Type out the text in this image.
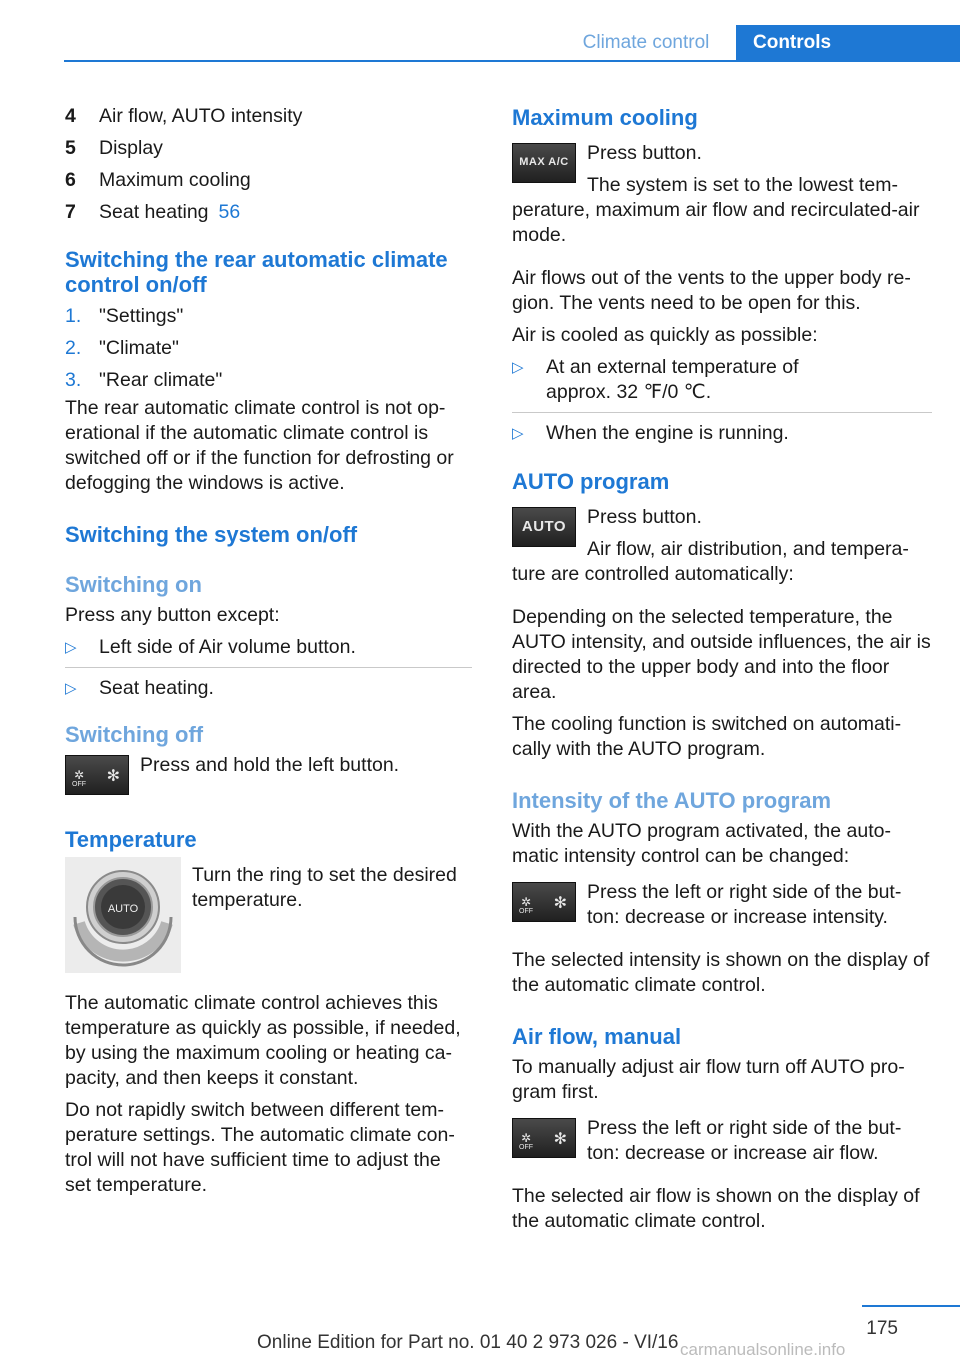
Climate control	Controls
4	Air flow, AUTO intensity
5	Display
6	Maximum cooling
7	Seat heating 56
Switching the rear automatic climate control on/off
1. "Settings"
2. "Climate"
3. "Rear climate"

The rear automatic climate control is not op‐ erational if the automatic climate control is switched off or if the function for defrosting or defogging the windows is active.

Switching the system on/off
Switching on

Press any button except:

▷	Left side of Air volume button.
▷	Seat heating.
Switching off
✲ ✻
OFF

Press and hold the left button.

Temperature
AUTO

Turn the ring to set the desired temperature.

The automatic climate control achieves this temperature as quickly as possible, if needed, by using the maximum cooling or heating ca‐ pacity, and then keeps it constant.

Do not rapidly switch between different tem‐ perature settings. The automatic climate con‐ trol will not have sufficient time to adjust the set temperature.

Maximum cooling
MAX A/C Press button.

The system is set to the lowest tem‐ perature, maximum air flow and recirculated-air mode.

Air flows out of the vents to the upper body re‐ gion. The vents need to be open for this.

Air is cooled as quickly as possible:

▷	At an external temperature of approx. 32 ℉/0 ℃.
▷	When the engine is running.
AUTO program
AUTO	Press button.

Air flow, air distribution, and tempera‐ ture are controlled automatically:

Depending on the selected temperature, the AUTO intensity, and outside influences, the air is directed to the upper body and into the floor area.

The cooling function is switched on automati‐ cally with the AUTO program.

Intensity of the AUTO program

With the AUTO program activated, the auto‐ matic intensity control can be changed:

✲ ✻
OFF

Press the left or right side of the but‐ ton: decrease or increase intensity.

The selected intensity is shown on the display of the automatic climate control.

Air flow, manual

To manually adjust air flow turn off AUTO pro‐ gram first.

✲ ✻
OFF

Press the left or right side of the but‐ ton: decrease or increase air flow.

The selected air flow is shown on the display of the automatic climate control.

175
Online Edition for Part no. 01 40 2 973 026 - VI/16 carmanualsonline.info
